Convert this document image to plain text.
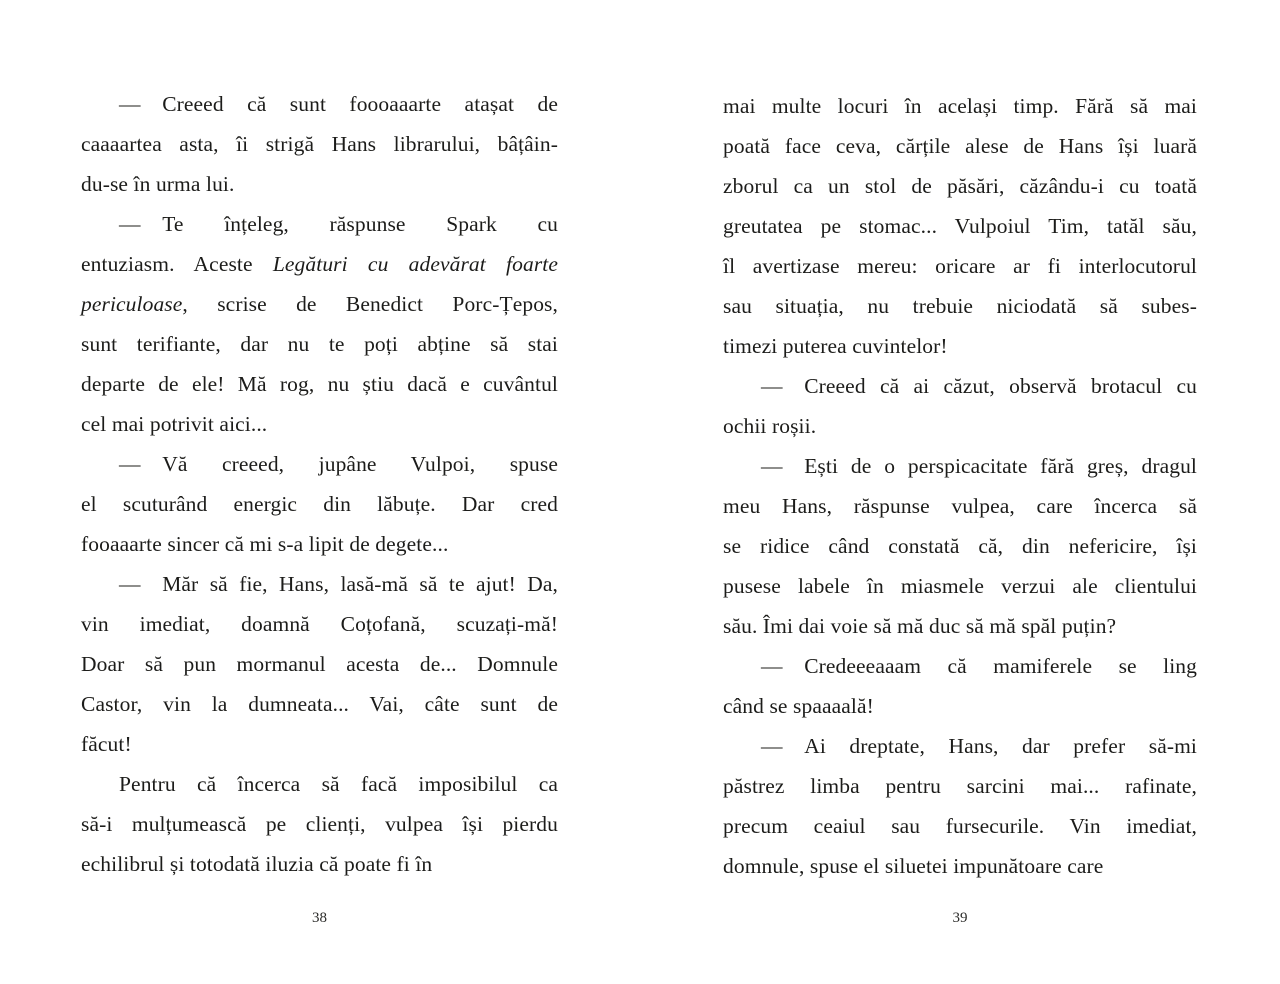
— Creeed că sunt foooaaarte atașat de
caaaartea asta, îi strigă Hans librarului, bâțâin-
du-se în urma lui.
— Te înțeleg, răspunse Spark cu
entuziasm. Aceste Legături cu adevărat foarte
periculoase, scrise de Benedict Porc-Țepos,
sunt terifiante, dar nu te poți abține să stai
departe de ele! Mă rog, nu știu dacă e cuvântul
cel mai potrivit aici...
— Vă creeed, jupâne Vulpoi, spuse
el scuturând energic din lăbuțe. Dar cred
fooaaarte sincer că mi s-a lipit de degete...
— Măr să fie, Hans, lasă-mă să te ajut! Da,
vin imediat, doamnă Coțofană, scuzați-mă!
Doar să pun mormanul acesta de... Domnule
Castor, vin la dumneata... Vai, câte sunt de
făcut!
Pentru că încerca să facă imposibilul ca
să-i mulțumească pe clienți, vulpea își pierdu
echilibrul și totodată iluzia că poate fi în
38
mai multe locuri în același timp. Fără să mai
poată face ceva, cărțile alese de Hans își luară
zborul ca un stol de păsări, căzându-i cu toată
greutatea pe stomac... Vulpoiul Tim, tatăl său,
îl avertizase mereu: oricare ar fi interlocutorul
sau situația, nu trebuie niciodată să subes-
timezi puterea cuvintelor!
— Creeed că ai căzut, observă brotacul cu
ochii roșii.
— Ești de o perspicacitate fără greș, dragul
meu Hans, răspunse vulpea, care încerca să
se ridice când constată că, din nefericire, își
pusese labele în miasmele verzui ale clientului
său. Îmi dai voie să mă duc să mă spăl puțin?
— Credeeeaaam că mamiferele se ling
când se spaaaală!
— Ai dreptate, Hans, dar prefer să-mi
păstrez limba pentru sarcini mai... rafinate,
precum ceaiul sau fursecurile. Vin imediat,
domnule, spuse el siluetei impunătoare care
39
